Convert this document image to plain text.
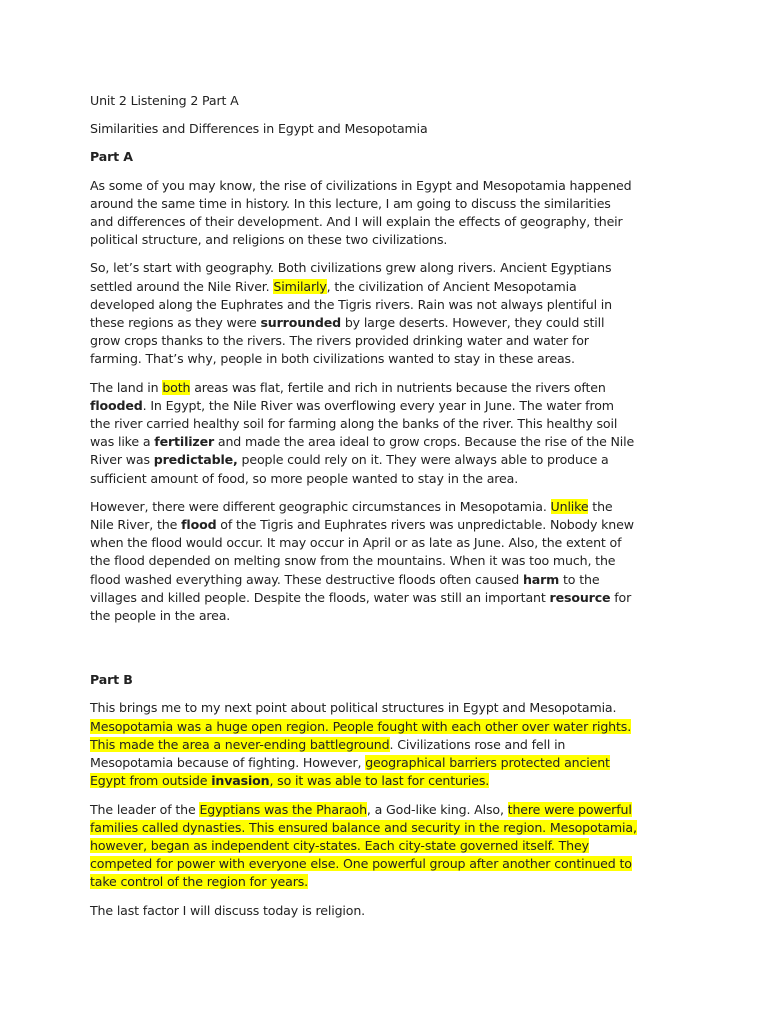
Unit 2 Listening 2 Part A
Similarities and Differences in Egypt and Mesopotamia
Part A
As some of you may know, the rise of civilizations in Egypt and Mesopotamia happened
around the same time in history. In this lecture, I am going to discuss the similarities
and differences of their development. And I will explain the effects of geography, their
political structure, and religions on these two civilizations.
So, let’s start with geography. Both civilizations grew along rivers. Ancient Egyptians
settled around the Nile River. Similarly, the civilization of Ancient Mesopotamia
developed along the Euphrates and the Tigris rivers. Rain was not always plentiful in
these regions as they were surrounded by large deserts. However, they could still
grow crops thanks to the rivers. The rivers provided drinking water and water for
farming. That’s why, people in both civilizations wanted to stay in these areas.
The land in both areas was flat, fertile and rich in nutrients because the rivers often
flooded. In Egypt, the Nile River was overflowing every year in June. The water from
the river carried healthy soil for farming along the banks of the river. This healthy soil
was like a fertilizer and made the area ideal to grow crops. Because the rise of the Nile
River was predictable, people could rely on it. They were always able to produce a
sufficient amount of food, so more people wanted to stay in the area.
However, there were different geographic circumstances in Mesopotamia. Unlike the
Nile River, the flood of the Tigris and Euphrates rivers was unpredictable. Nobody knew
when the flood would occur. It may occur in April or as late as June. Also, the extent of
the flood depended on melting snow from the mountains. When it was too much, the
flood washed everything away. These destructive floods often caused harm to the
villages and killed people. Despite the floods, water was still an important resource for
the people in the area.
Part B
This brings me to my next point about political structures in Egypt and Mesopotamia.
Mesopotamia was a huge open region. People fought with each other over water rights.
This made the area a never-ending battleground. Civilizations rose and fell in
Mesopotamia because of fighting. However, geographical barriers protected ancient
Egypt from outside invasion, so it was able to last for centuries.
The leader of the Egyptians was the Pharaoh, a God-like king. Also, there were powerful
families called dynasties. This ensured balance and security in the region. Mesopotamia,
however, began as independent city-states. Each city-state governed itself. They
competed for power with everyone else. One powerful group after another continued to
take control of the region for years.
The last factor I will discuss today is religion.
